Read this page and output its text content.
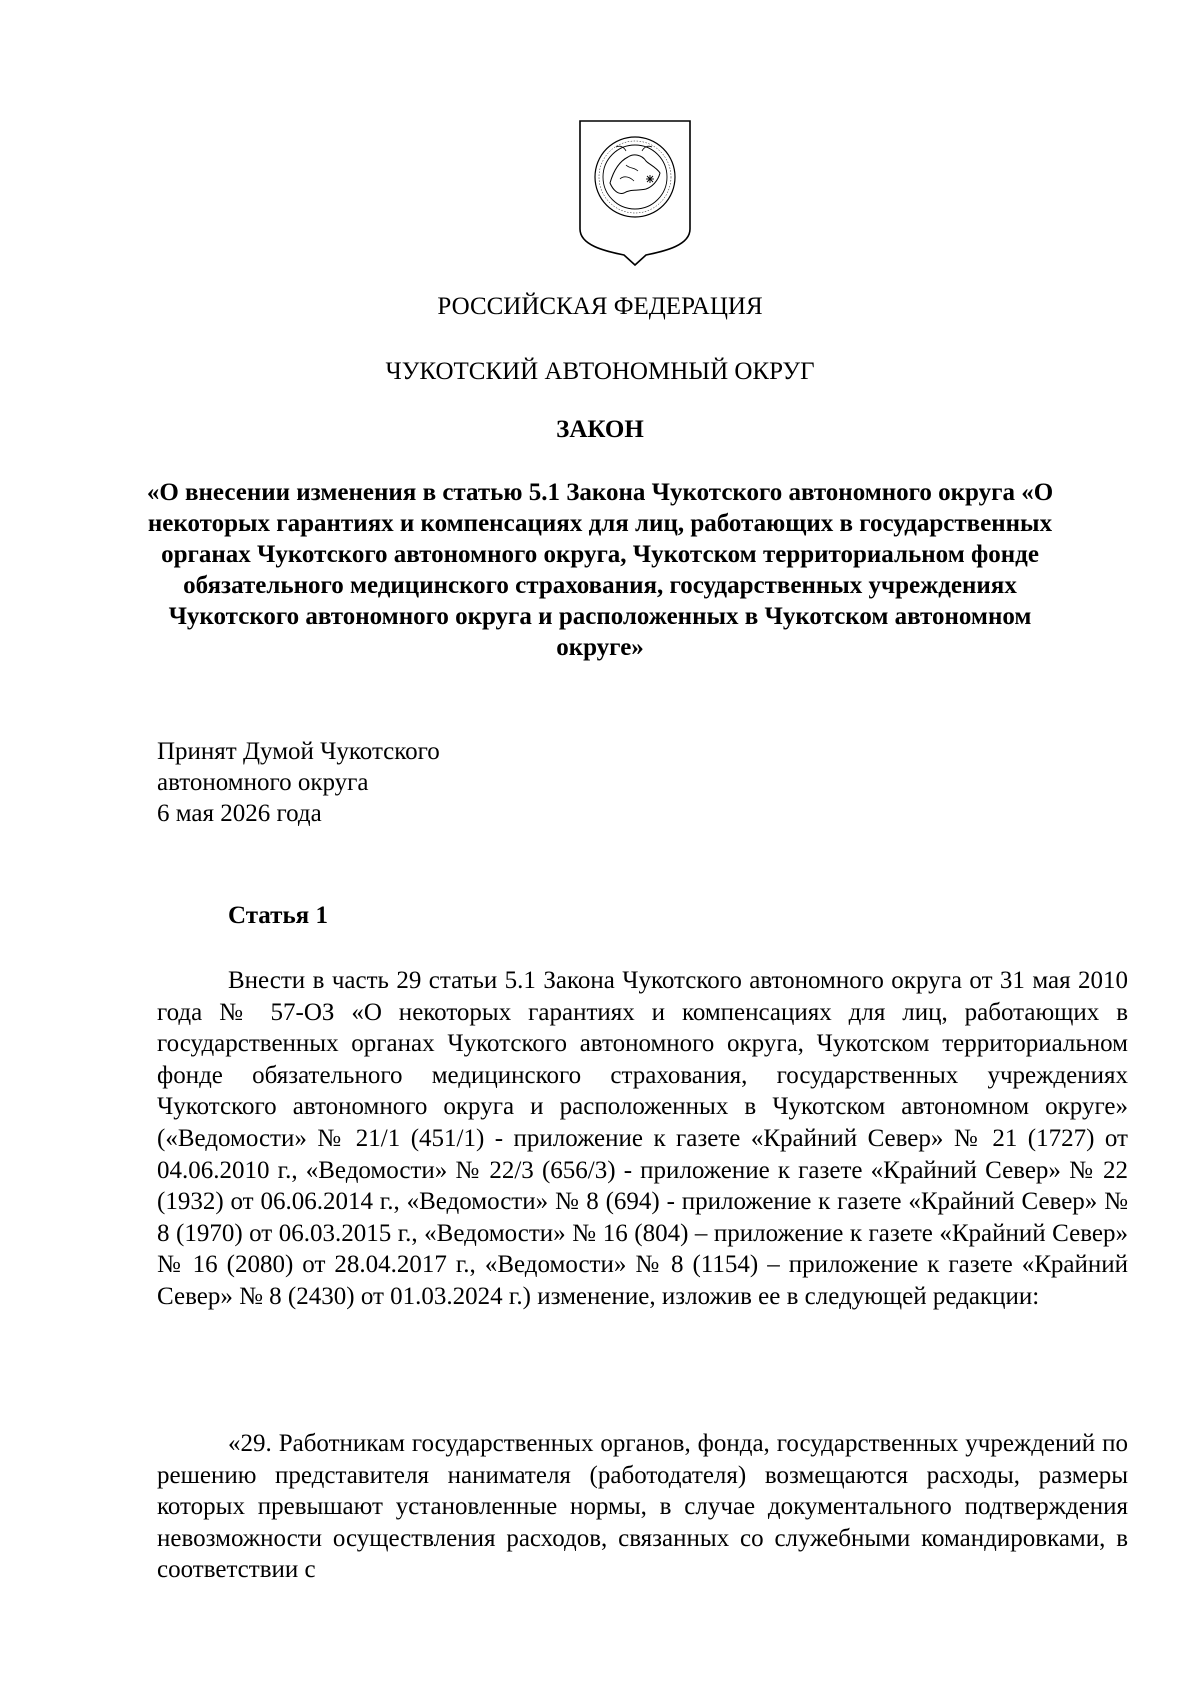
РОССИЙСКАЯ ФЕДЕРАЦИЯ
ЧУКОТСКИЙ АВТОНОМНЫЙ ОКРУГ
ЗАКОН
«О внесении изменения в статью 5.1 Закона Чукотского автономного округа «О некоторых гарантиях и компенсациях для лиц, работающих в государственных органах Чукотского автономного округа, Чукотском территориальном фонде обязательного медицинского страхования, государственных учреждениях Чукотского автономного округа и расположенных в Чукотском автономном округе»
Принят Думой Чукотского
автономного округа
6 мая 2026 года
Статья 1

Внести в часть 29 статьи 5.1 Закона Чукотского автономного округа от 31 мая 2010 года № 57-ОЗ «О некоторых гарантиях и компенсациях для лиц, работающих в государственных органах Чукотского автономного округа, Чукотском территориальном фонде обязательного медицинского страхования, государственных учреждениях Чукотского автономного округа и расположенных в Чукотском автономном округе» («Ведомости» № 21/1 (451/1) - приложение к газете «Крайний Север» № 21 (1727) от 04.06.2010 г., «Ведомости» № 22/3 (656/3) - приложение к газете «Крайний Север» № 22 (1932) от 06.06.2014 г., «Ведомости» № 8 (694) - приложение к газете «Крайний Север» № 8 (1970) от 06.03.2015 г., «Ведомости» № 16 (804) – приложение к газете «Крайний Север» № 16 (2080) от 28.04.2017 г., «Ведомости» № 8 (1154) – приложение к газете «Крайний Север» № 8 (2430) от 01.03.2024 г.) изменение, изложив ее в следующей редакции:

«29. Работникам государственных органов, фонда, государственных учреждений по решению представителя нанимателя (работодателя) возмещаются расходы, размеры которых превышают установленные нормы, в случае документального подтверждения невозможности осуществления расходов, связанных со служебными командировками, в соответствии с
